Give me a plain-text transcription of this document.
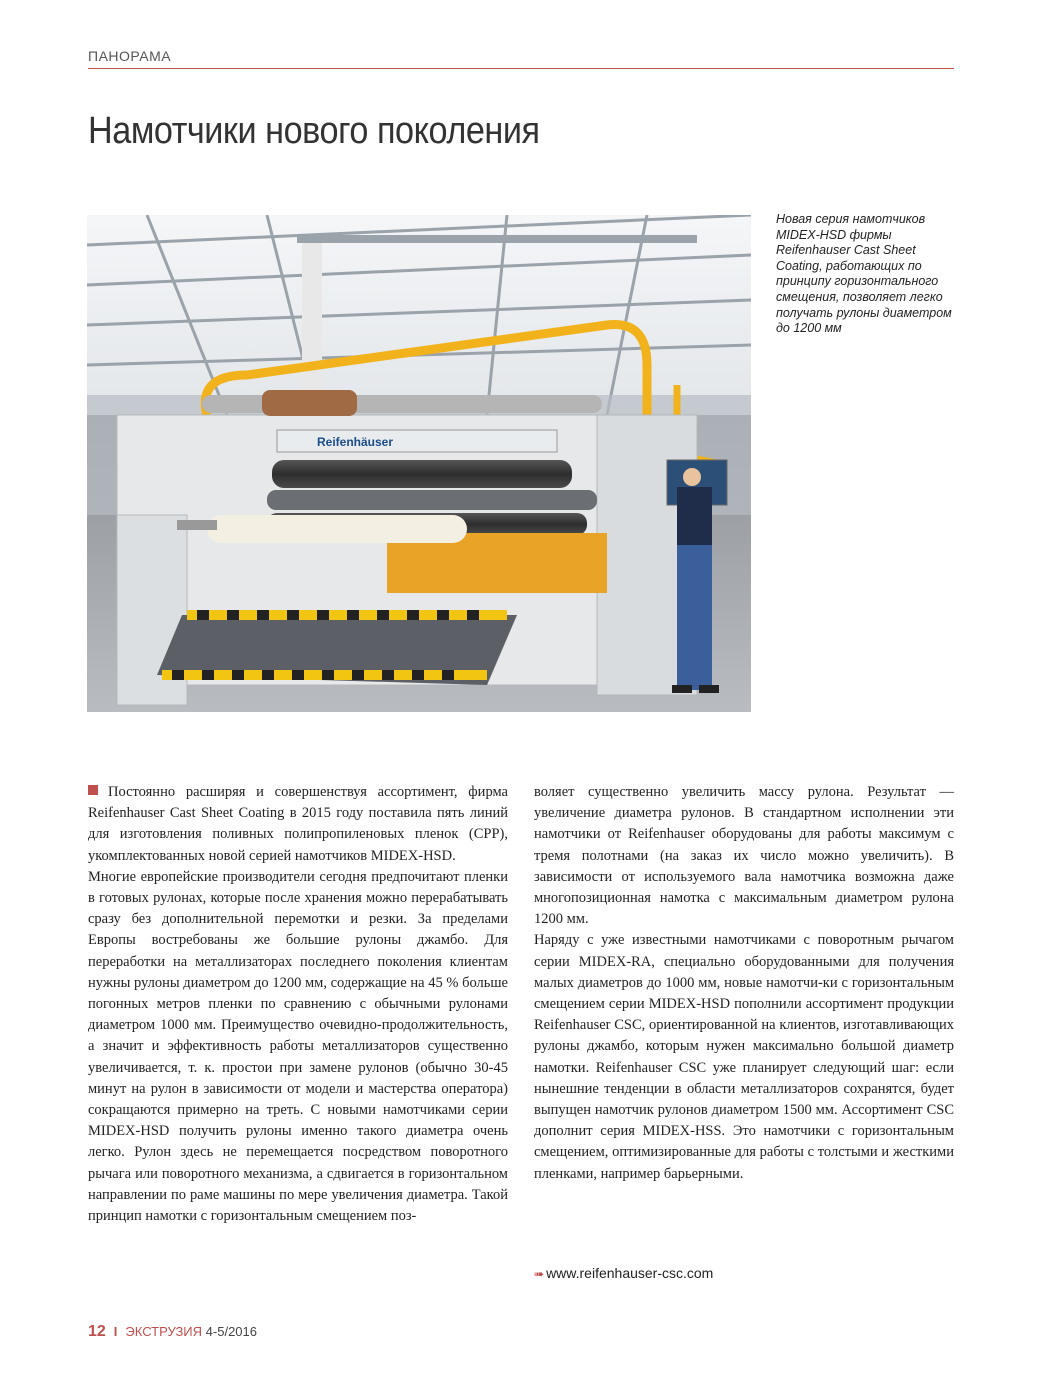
ПАНОРАМА
Намотчики нового поколения
Reifenhäuser
Новая серия намотчиков MIDEX-HSD фирмы Reifenhauser Cast Sheet Coating, работающих по принципу горизонтального смещения, позволяет легко получать рулоны диаметром до 1200 мм

Постоянно расширяя и совершенствуя ассортимент, фирма Reifenhauser Cast Sheet Coating в 2015 году поставила пять линий для изготовления поливных полипропиленовых пленок (CPP), укомплектованных новой серией намотчиков MIDEX-HSD.

Многие европейские производители сегодня предпочитают пленки в готовых рулонах, которые после хранения можно перерабатывать сразу без дополнительной перемотки и резки. За пределами Европы востребованы же большие рулоны джамбо. Для переработки на металлизаторах последнего поколения клиентам нужны рулоны диаметром до 1200 мм, содержащие на 45 % больше погонных метров пленки по сравнению с обычными рулонами диаметром 1000 мм. Преимущество очевидно-продолжительность, а значит и эффективность работы металлизаторов существенно увеличивается, т. к. простои при замене рулонов (обычно 30-45 минут на рулон в зависимости от модели и мастерства оператора) сокращаются примерно на треть. С новыми намотчиками серии MIDEX-HSD получить рулоны именно такого диаметра очень легко. Рулон здесь не перемещается посредством поворотного рычага или поворотного механизма, а сдвигается в горизонтальном направлении по раме машины по мере увеличения диаметра. Такой принцип намотки с горизонтальным смещением поз-

воляет существенно увеличить массу рулона. Результат — увеличение диаметра рулонов. В стандартном исполнении эти намотчики от Reifenhauser оборудованы для работы максимум с тремя полотнами (на заказ их число можно увеличить). В зависимости от используемого вала намотчика возможна даже многопозиционная намотка с максимальным диаметром рулона 1200 мм.

Наряду с уже известными намотчиками с поворотным рычагом серии MIDEX-RA, специально оборудованными для получения малых диаметров до 1000 мм, новые намотчи-ки с горизонтальным смещением серии MIDEX-HSD пополнили ассортимент продукции Reifenhauser CSC, ориентированной на клиентов, изготавливающих рулоны джамбо, которым нужен максимально большой диаметр намотки. Reifenhauser CSC уже планирует следующий шаг: если нынешние тенденции в области металлизаторов сохранятся, будет выпущен намотчик рулонов диаметром 1500 мм. Ассортимент CSC дополнит серия MIDEX-HSS. Это намотчики с горизонтальным смещением, оптимизированные для работы с толстыми и жесткими пленками, например барьерными.

➠ www.reifenhauser-csc.com
12 I ЭКСТРУЗИЯ 4-5/2016
